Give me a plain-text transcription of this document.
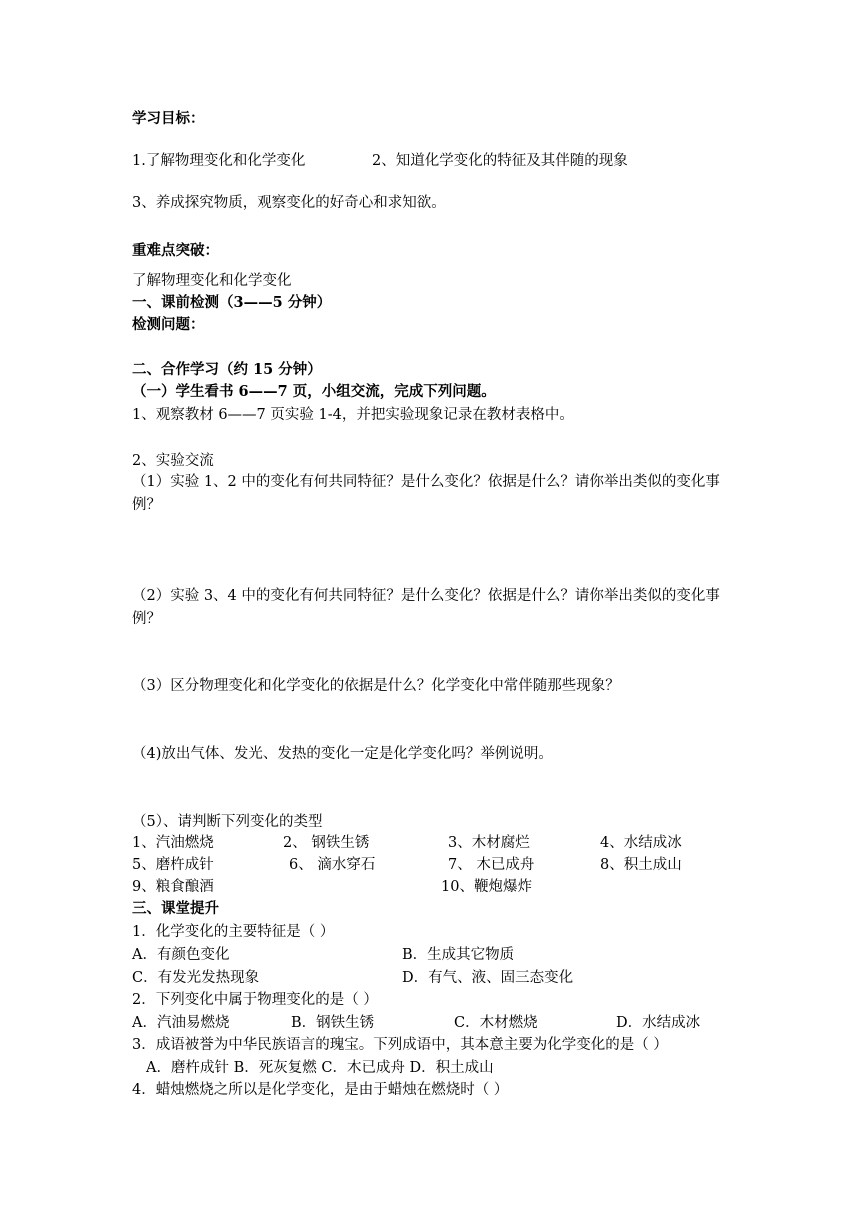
学习目标：
1.了解物理变化和化学变化	2、知道化学变化的特征及其伴随的现象
3、养成探究物质，观察变化的好奇心和求知欲。
重难点突破：
了解物理变化和化学变化
一、课前检测（3——5 分钟）
检测问题：
二、合作学习（约 15 分钟）
（一）学生看书 6——7 页，小组交流，完成下列问题。
1、观察教材 6——7 页实验 1-4，并把实验现象记录在教材表格中。
2、实验交流
（1）实验 1、2 中的变化有何共同特征？是什么变化？依据是什么？请你举出类似的变化事
例？
（2）实验 3、4 中的变化有何共同特征？是什么变化？依据是什么？请你举出类似的变化事
例？
（3）区分物理变化和化学变化的依据是什么？化学变化中常伴随那些现象？
（4)放出气体、发光、发热的变化一定是化学变化吗？举例说明。
（5）、请判断下列变化的类型
1、汽油燃烧	2、 钢铁生锈	3、木材腐烂	4、水结成冰
5、磨杵成针	6、 滴水穿石	7、 木已成舟	8、积土成山
9、粮食酿酒	10、鞭炮爆炸
三、课堂提升
1．化学变化的主要特征是（ ）
A．有颜色变化	B．生成其它物质
C．有发光发热现象	D．有气、液、固三态变化
2．下列变化中属于物理变化的是（ ）
A．汽油易燃烧	B．钢铁生锈	C．木材燃烧	D．水结成冰
3．成语被誉为中华民族语言的瑰宝。下列成语中，其本意主要为化学变化的是（ ）
A．磨杵成针 B．死灰复燃 C．木已成舟 D．积土成山
4．蜡烛燃烧之所以是化学变化，是由于蜡烛在燃烧时（ ）
